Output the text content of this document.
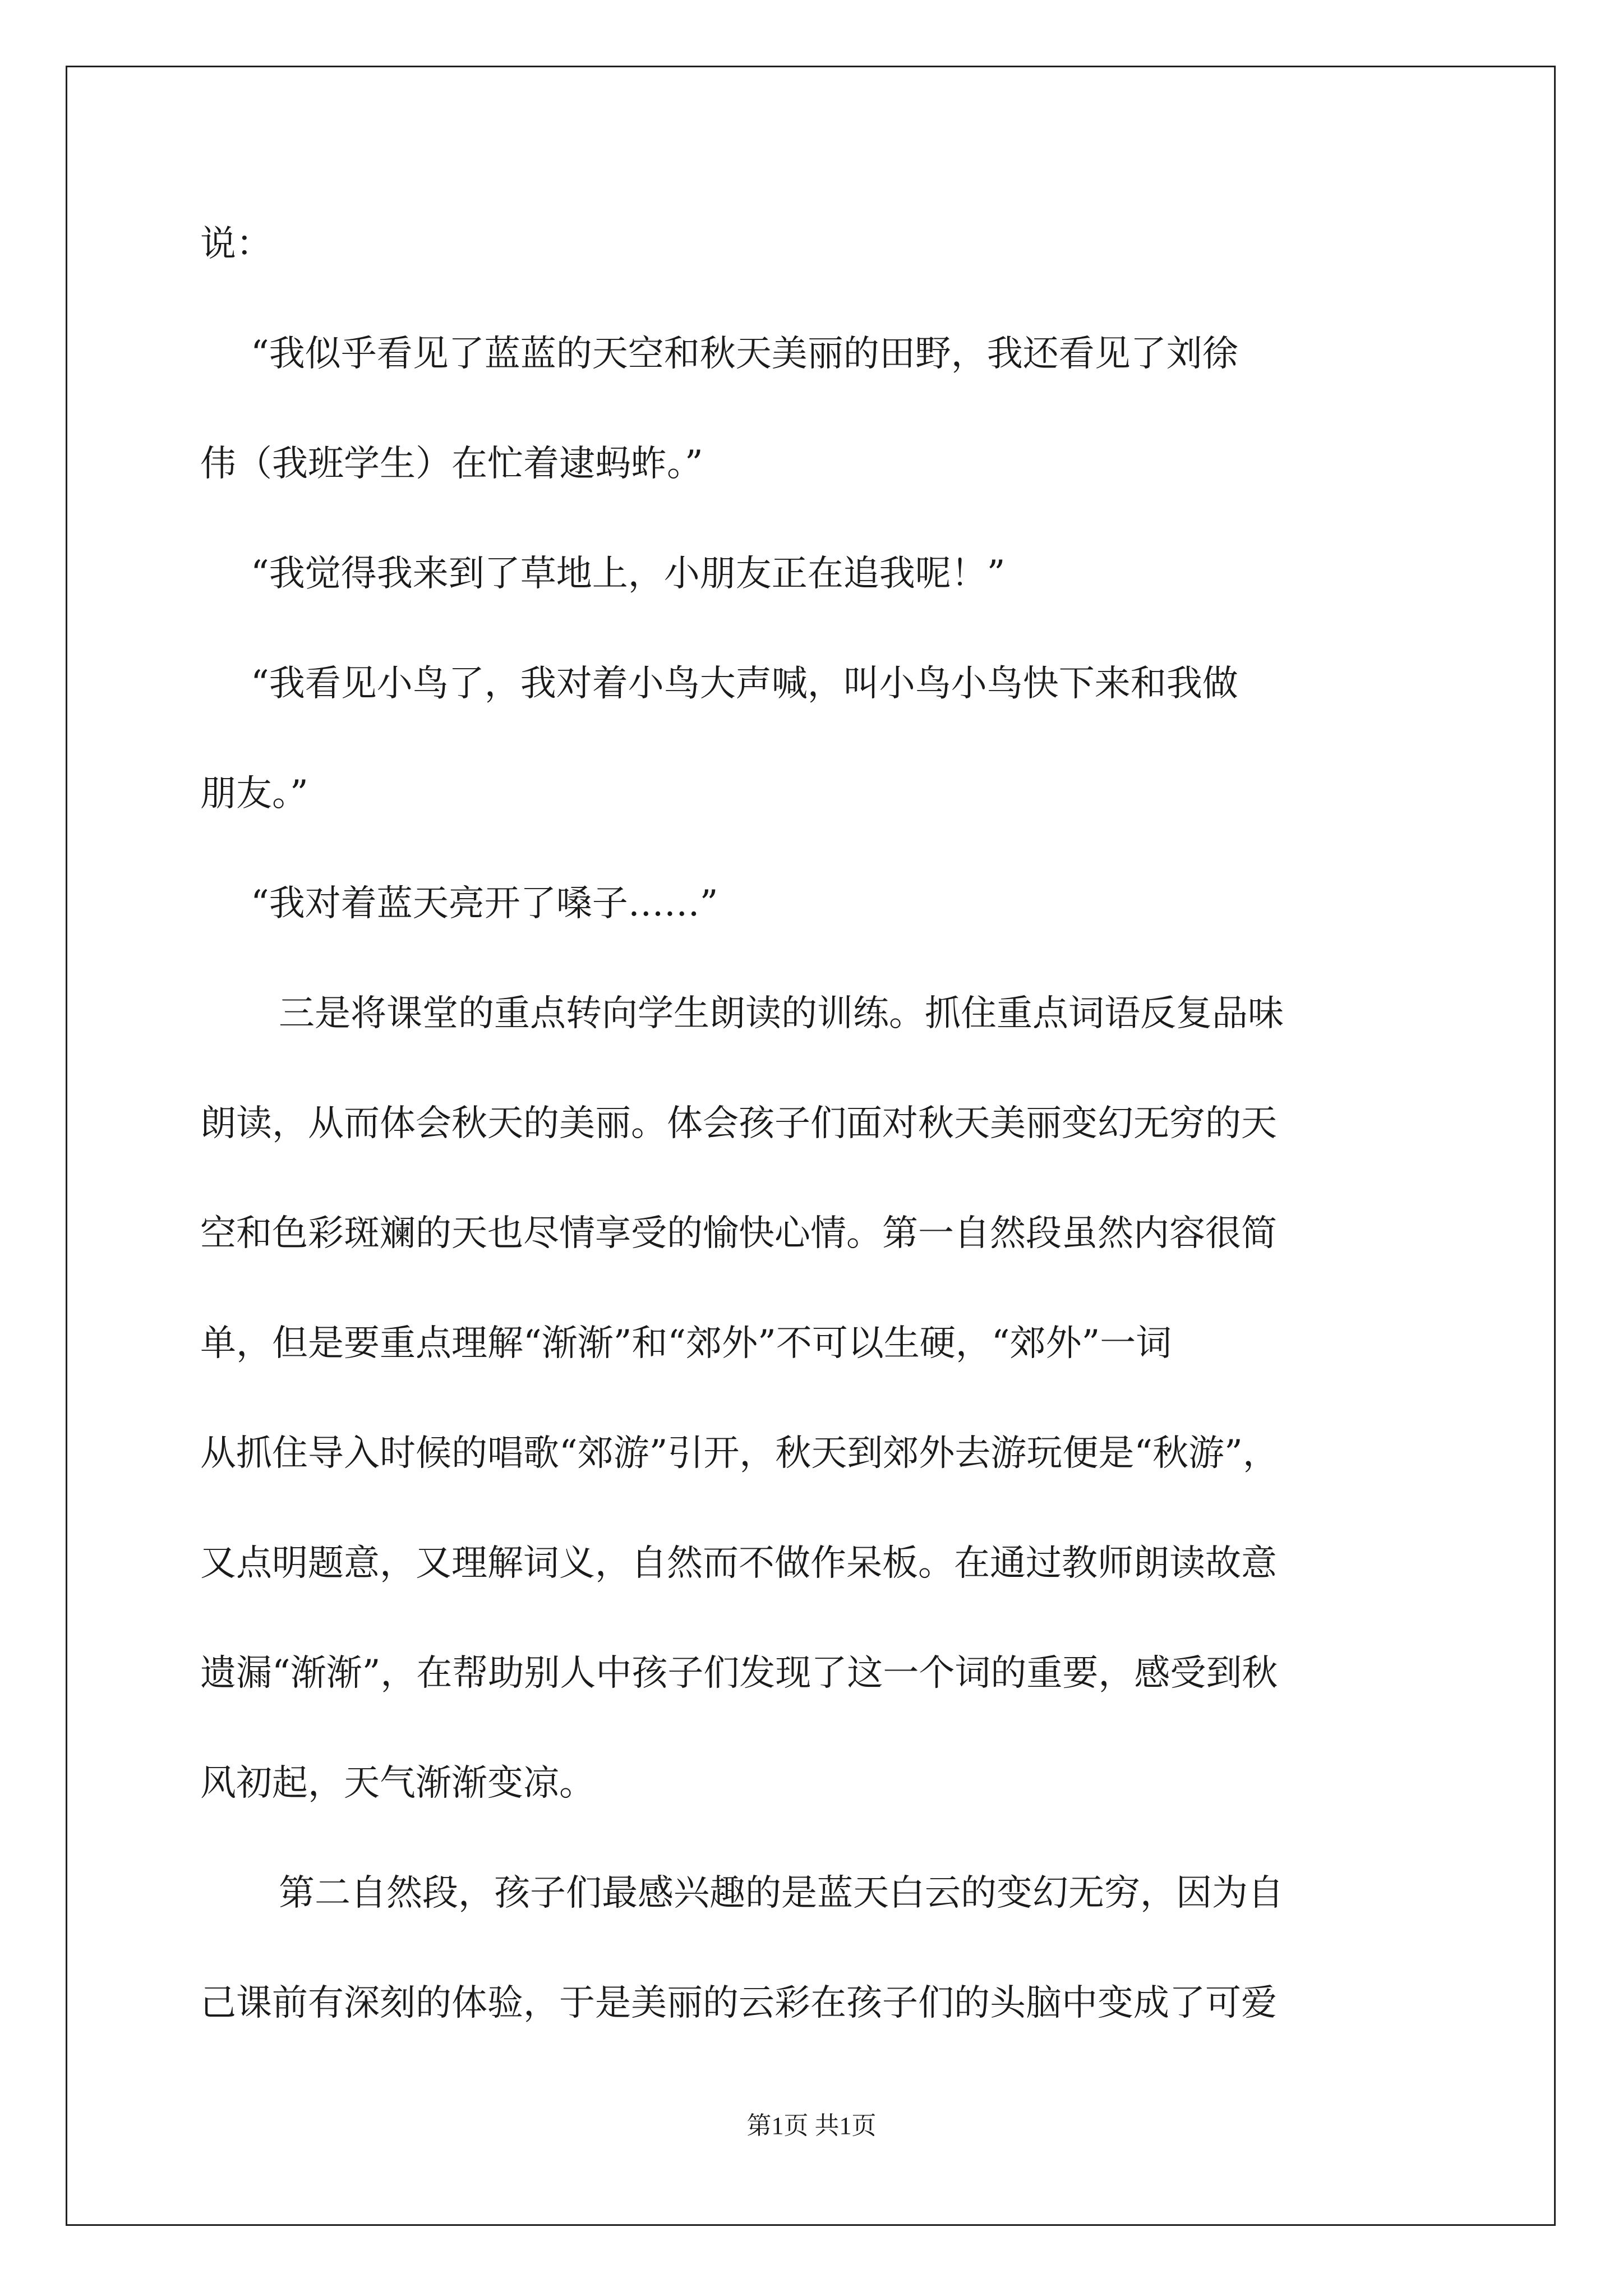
说：
“我似乎看见了蓝蓝的天空和秋天美丽的田野，我还看见了刘徐
伟（我班学生）在忙着逮蚂蚱。”
“我觉得我来到了草地上，小朋友正在追我呢！”
“我看见小鸟了，我对着小鸟大声喊，叫小鸟小鸟快下来和我做
朋友。”
“我对着蓝天亮开了嗓子……”
三是将课堂的重点转向学生朗读的训练。抓住重点词语反复品味
朗读，从而体会秋天的美丽。体会孩子们面对秋天美丽变幻无穷的天
空和色彩斑斓的天也尽情享受的愉快心情。第一自然段虽然内容很简
单，但是要重点理解“渐渐”和“郊外”不可以生硬，“郊外”一词
从抓住导入时候的唱歌“郊游”引开，秋天到郊外去游玩便是“秋游”，
又点明题意，又理解词义，自然而不做作呆板。在通过教师朗读故意
遗漏“渐渐”，在帮助别人中孩子们发现了这一个词的重要，感受到秋
风初起，天气渐渐变凉。
第二自然段，孩子们最感兴趣的是蓝天白云的变幻无穷，因为自
己课前有深刻的体验，于是美丽的云彩在孩子们的头脑中变成了可爱
第1页 共1页
